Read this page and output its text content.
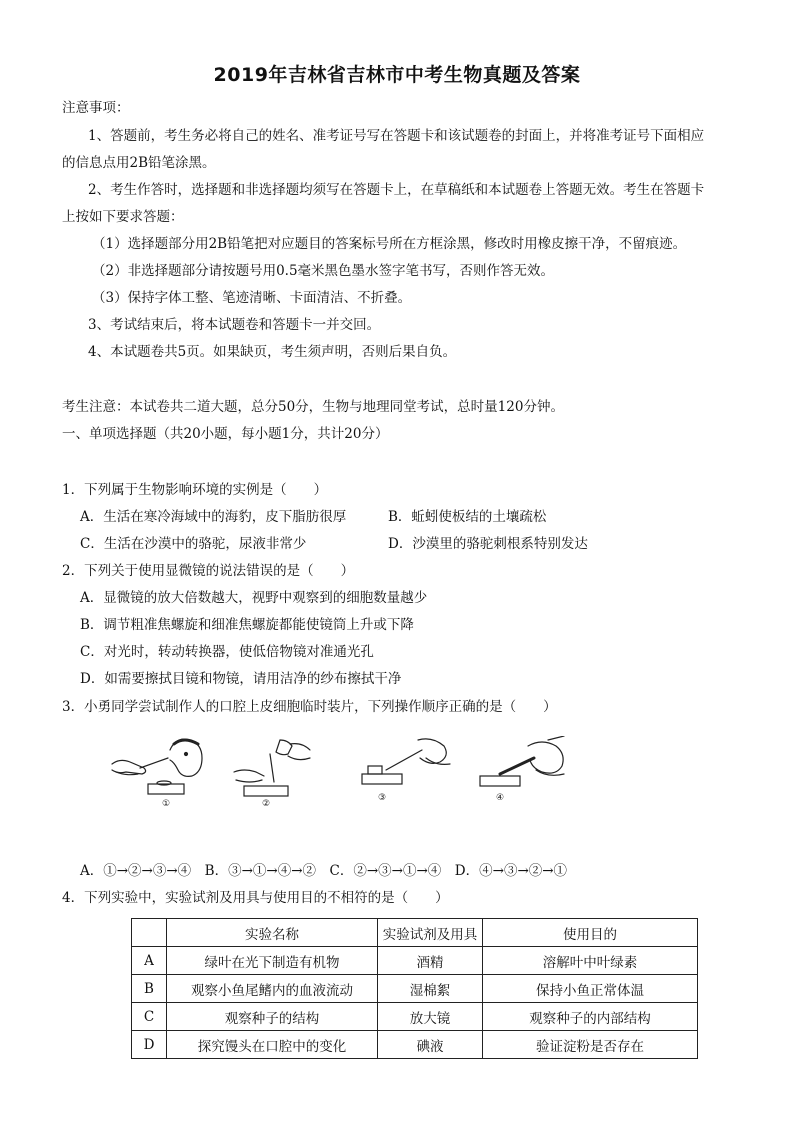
2019年吉林省吉林市中考生物真题及答案
注意事项：
1、答题前，考生务必将自己的姓名、准考证号写在答题卡和该试题卷的封面上，并将准考证号下面相应
的信息点用2B铅笔涂黑。
2、考生作答时，选择题和非选择题均须写在答题卡上，在草稿纸和本试题卷上答题无效。考生在答题卡
上按如下要求答题：
（1）选择题部分用2B铅笔把对应题目的答案标号所在方框涂黑，修改时用橡皮擦干净，不留痕迹。
（2）非选择题部分请按题号用0.5毫米黑色墨水签字笔书写，否则作答无效。
（3）保持字体工整、笔迹清晰、卡面清洁、不折叠。
3、考试结束后，将本试题卷和答题卡一并交回。
4、本试题卷共5页。如果缺页，考生须声明，否则后果自负。
考生注意：本试卷共二道大题，总分50分，生物与地理同堂考试，总时量120分钟。
一、单项选择题（共20小题，每小题1分，共计20分）
1．下列属于生物影响环境的实例是（　　）
A．生活在寒冷海域中的海豹，皮下脂肪很厚	B．蚯蚓使板结的土壤疏松
C．生活在沙漠中的骆驼，尿液非常少	D．沙漠里的骆驼刺根系特别发达
2．下列关于使用显微镜的说法错误的是（　　）
A．显微镜的放大倍数越大，视野中观察到的细胞数量越少
B．调节粗准焦螺旋和细准焦螺旋都能使镜筒上升或下降
C．对光时，转动转换器，使低倍物镜对准通光孔
D．如需要擦拭目镜和物镜，请用洁净的纱布擦拭干净
3．小勇同学尝试制作人的口腔上皮细胞临时装片，下列操作顺序正确的是（　　）
①	②
③	④
A．①→②→③→④　B．③→①→④→②　C．②→③→①→④　D．④→③→②→①
4．下列实验中，实验试剂及用具与使用目的不相符的是（　　）
	实验名称	实验试剂及用具	使用目的
A	绿叶在光下制造有机物	酒精	溶解叶中叶绿素
B	观察小鱼尾鳍内的血液流动	湿棉絮	保持小鱼正常体温
C	观察种子的结构	放大镜	观察种子的内部结构
D	探究馒头在口腔中的变化	碘液	验证淀粉是否存在
